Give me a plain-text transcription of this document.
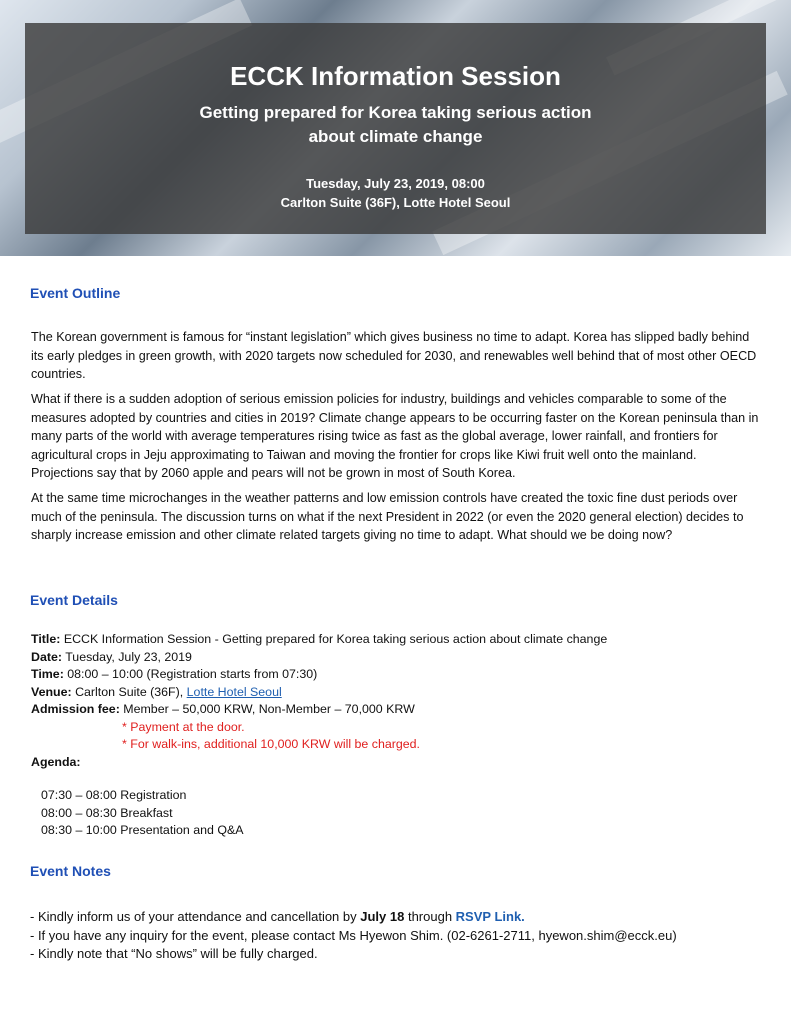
ECCK Information Session
Getting prepared for Korea taking serious action
about climate change
Tuesday, July 23, 2019, 08:00
Carlton Suite (36F), Lotte Hotel Seoul
Event Outline

The Korean government is famous for “instant legislation” which gives business no time to adapt. Korea has slipped badly behind its early pledges in green growth, with 2020 targets now scheduled for 2030, and renewables well behind that of most other OECD countries.

What if there is a sudden adoption of serious emission policies for industry, buildings and vehicles comparable to some of the measures adopted by countries and cities in 2019? Climate change appears to be occurring faster on the Korean peninsula than in many parts of the world with average temperatures rising twice as fast as the global average, lower rainfall, and frontiers for agricultural crops in Jeju approximating to Taiwan and moving the frontier for crops like Kiwi fruit well onto the mainland. Projections say that by 2060 apple and pears will not be grown in most of South Korea.

At the same time microchanges in the weather patterns and low emission controls have created the toxic fine dust periods over much of the peninsula. The discussion turns on what if the next President in 2022 (or even the 2020 general election) decides to sharply increase emission and other climate related targets giving no time to adapt. What should we be doing now?

Event Details
Title: ECCK Information Session - Getting prepared for Korea taking serious action about climate change
Date: Tuesday, July 23, 2019
Time: 08:00 – 10:00 (Registration starts from 07:30)
Venue: Carlton Suite (36F), Lotte Hotel Seoul
Admission fee: Member – 50,000 KRW, Non-Member – 70,000 KRW
* Payment at the door.
* For walk-ins, additional 10,000 KRW will be charged.
Agenda:
07:30 – 08:00 Registration
08:00 – 08:30 Breakfast
08:30 – 10:00 Presentation and Q&A
Event Notes
- Kindly inform us of your attendance and cancellation by July 18 through RSVP Link.
- If you have any inquiry for the event, please contact Ms Hyewon Shim. (02-6261-2711, hyewon.shim@ecck.eu)
- Kindly note that “No shows” will be fully charged.
